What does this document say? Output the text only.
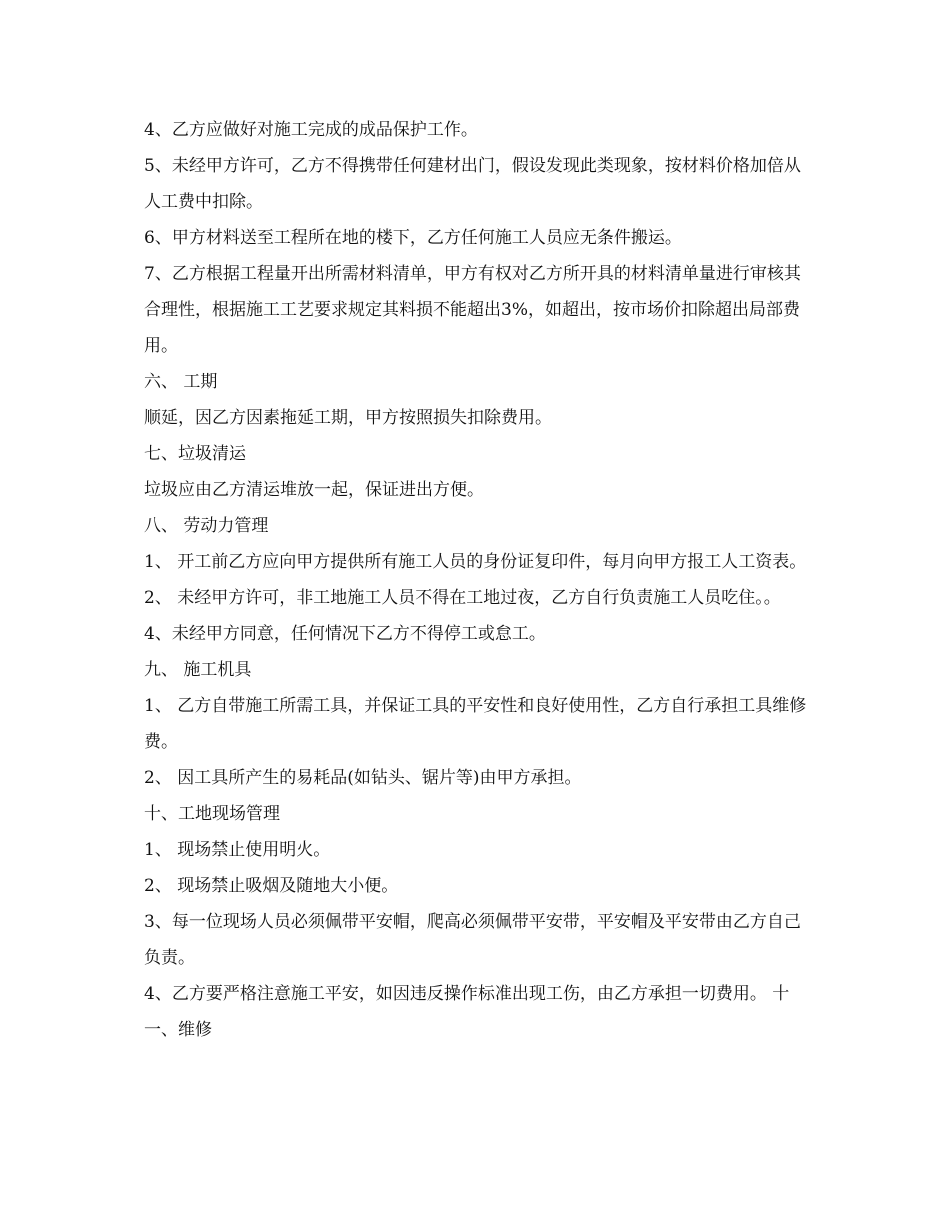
4、乙方应做好对施工完成的成品保护工作。

5、未经甲方许可，乙方不得携带任何建材出门，假设发现此类现象，按材料价格加倍从人工费中扣除。

6、甲方材料送至工程所在地的楼下，乙方任何施工人员应无条件搬运。

7、乙方根据工程量开出所需材料清单，甲方有权对乙方所开具的材料清单量进行审核其合理性，根据施工工艺要求规定其料损不能超出3%，如超出，按市场价扣除超出局部费用。

六、 工期

顺延，因乙方因素拖延工期，甲方按照损失扣除费用。

七、垃圾清运

垃圾应由乙方清运堆放一起，保证进出方便。

八、 劳动力管理

1、 开工前乙方应向甲方提供所有施工人员的身份证复印件，每月向甲方报工人工资表。 2、 未经甲方许可，非工地施工人员不得在工地过夜，乙方自行负责施工人员吃住。。

4、未经甲方同意，任何情况下乙方不得停工或怠工。

九、 施工机具

1、 乙方自带施工所需工具，并保证工具的平安性和良好使用性，乙方自行承担工具维修费。

2、 因工具所产生的易耗品(如钻头、锯片等)由甲方承担。

十、工地现场管理

1、 现场禁止使用明火。

2、 现场禁止吸烟及随地大小便。

3、每一位现场人员必须佩带平安帽，爬高必须佩带平安带，平安帽及平安带由乙方自己负责。

4、乙方要严格注意施工平安，如因违反操作标准出现工伤，由乙方承担一切费用。 十一、维修
